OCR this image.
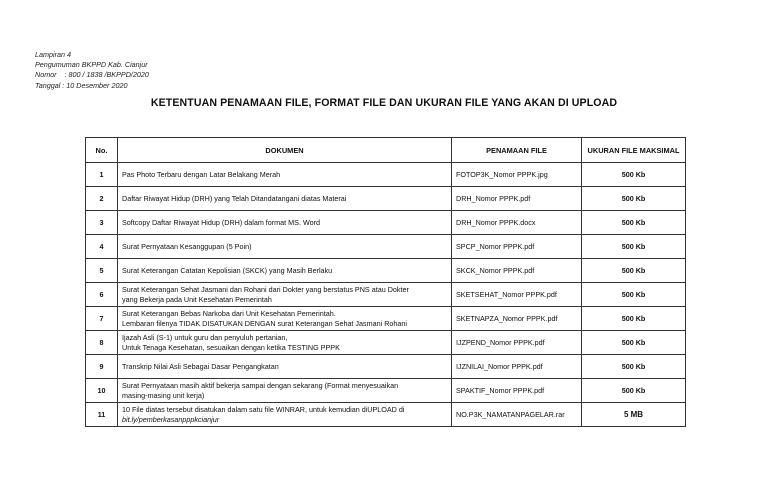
Lampiran 4
Pengumuman BKPPD Kab. Cianjur
Nomor    : 800 / 1838 /BKPPD/2020
Tanggal : 10 Desember 2020
KETENTUAN PENAMAAN FILE, FORMAT FILE DAN UKURAN FILE YANG AKAN DI UPLOAD
No.	DOKUMEN	PENAMAAN FILE	UKURAN FILE MAKSIMAL
1	Pas Photo Terbaru dengan Latar Belakang Merah	FOTOP3K_Nomor PPPK.jpg	500 Kb
2	Daftar Riwayat Hidup (DRH) yang Telah Ditandatangani diatas Materai	DRH_Nomor PPPK.pdf	500 Kb
3	Softcopy Daftar Riwayat Hidup (DRH) dalam format MS. Word	DRH_Nomor PPPK.docx	500 Kb
4	Surat Pernyataan Kesanggupan (5 Poin)	SPCP_Nomor PPPK.pdf	500 Kb
5	Surat Keterangan Catatan Kepolisian (SKCK) yang Masih Berlaku	SKCK_Nomor PPPK.pdf	500 Kb
6	Surat Keterangan Sehat Jasmani dan Rohani dari Dokter yang berstatus PNS atau Dokter
yang Bekerja pada Unit Kesehatan Pemerintah	SKETSEHAT_Nomor PPPK.pdf	500 Kb
7	Surat Keterangan Bebas Narkoba dari Unit Kesehatan Pemerintah.
Lembaran filenya TIDAK DISATUKAN DENGAN surat Keterangan Sehat Jasmani Rohani	SKETNAPZA_Nomor PPPK.pdf	500 Kb
8	Ijazah Asli (S-1) untuk guru dan penyuluh pertanian,
Untuk Tenaga Kesehatan, sesuaikan dengan ketika TESTING PPPK	IJZPEND_Nomor PPPK.pdf	500 Kb
9	Transkrip Nilai Asli Sebagai Dasar Pengangkatan	IJZNILAI_Nomor PPPK.pdf	500 Kb
10	Surat Pernyataan masih aktif bekerja sampai dengan sekarang (Format menyesuaikan
masing-masing unit kerja)	SPAKTIF_Nomor PPPK.pdf	500 Kb
11	10 File diatas tersebut disatukan dalam satu file WINRAR, untuk kemudian diUPLOAD di
bit.ly/pemberkasanpppkcianjur	NO.P3K_NAMATANPAGELAR.rar	5 MB
